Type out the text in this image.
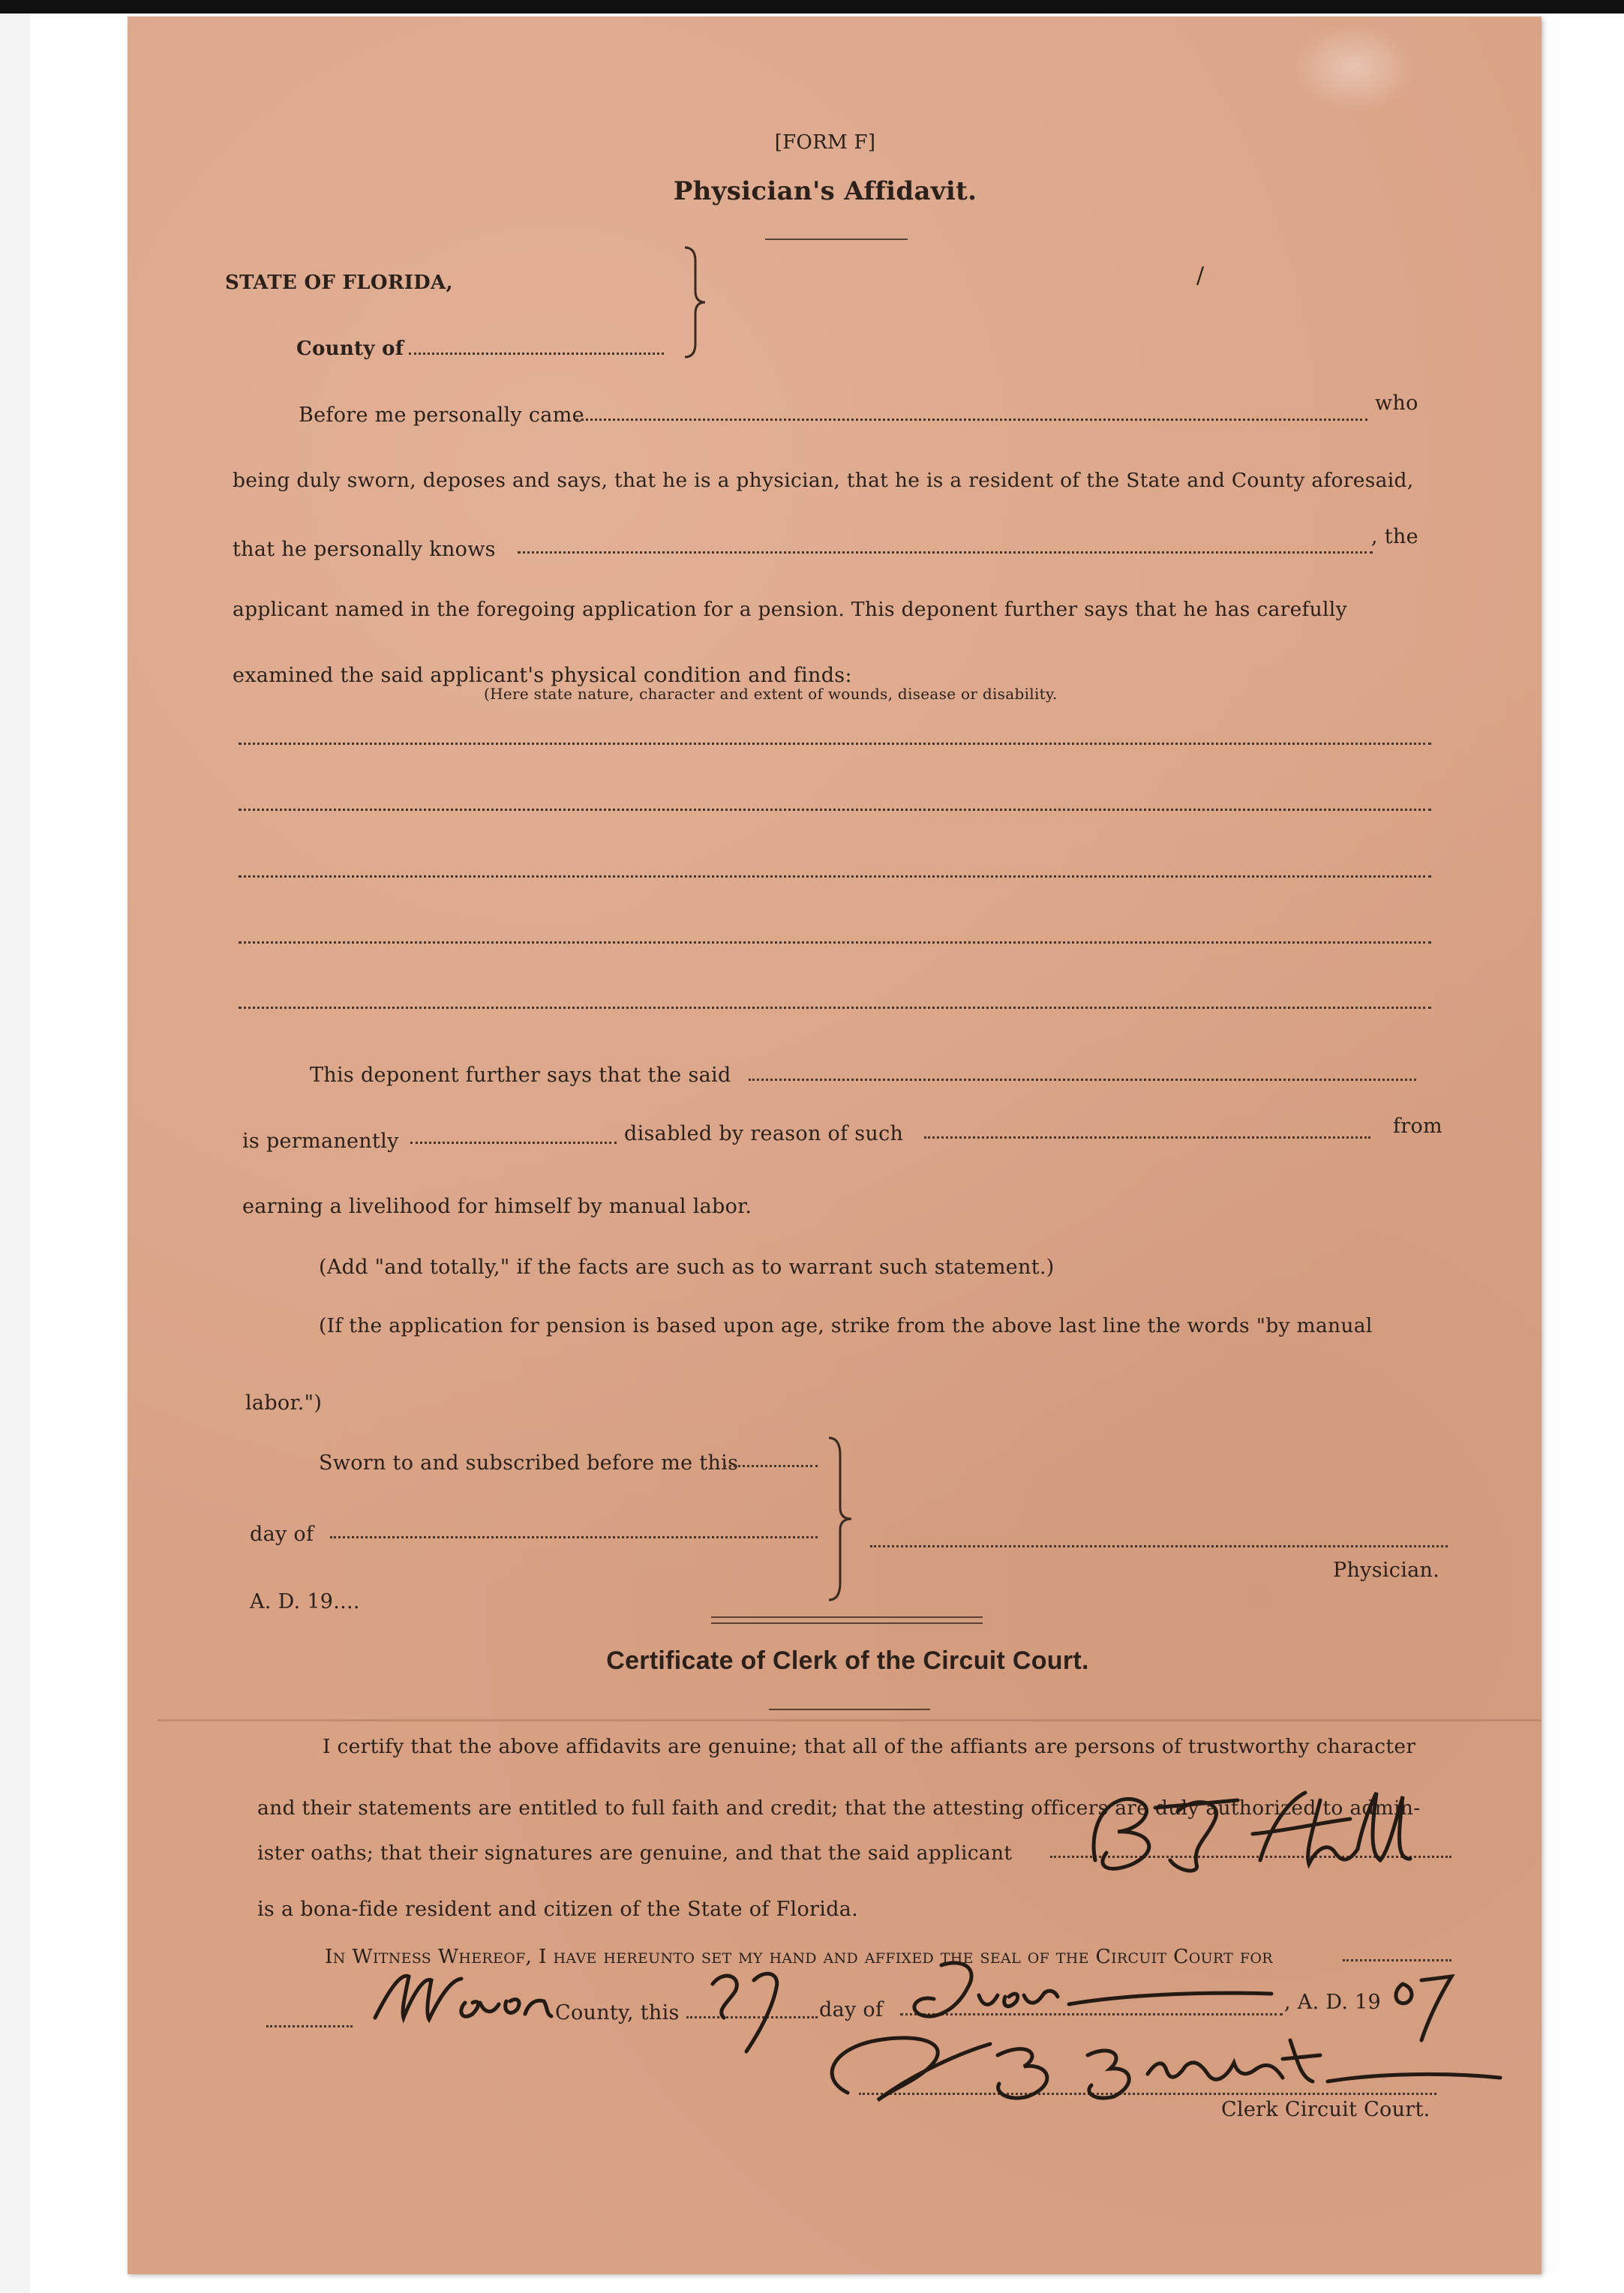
[FORM F]
Physician's Affidavit.
STATE OF FLORIDA,
County of
/
Before me personally came
who
being duly sworn, deposes and says, that he is a physician, that he is a resident of the State and County aforesaid,
that he personally knows
, the
applicant named in the foregoing application for a pension. This deponent further says that he has carefully
examined the said applicant's physical condition and finds:
(Here state nature, character and extent of wounds, disease or disability.
This deponent further says that the said
is permanently	disabled by reason of such	from
earning a livelihood for himself by manual labor.
(Add "and totally," if the facts are such as to warrant such statement.)
(If the application for pension is based upon age, strike from the above last line the words "by manual
labor.")
Sworn to and subscribed before me this
day of
A. D. 19....
Physician.
Certificate of Clerk of the Circuit Court.
I certify that the above affidavits are genuine; that all of the affiants are persons of trustworthy character
and their statements are entitled to full faith and credit; that the attesting officers are duly authorized to admin-
ister oaths; that their signatures are genuine, and that the said applicant
is a bona-fide resident and citizen of the State of Florida.
In Witness Whereof, I have hereunto set my hand and affixed the seal of the Circuit Court for
County, this	day of	, A. D. 19
Clerk Circuit Court.
